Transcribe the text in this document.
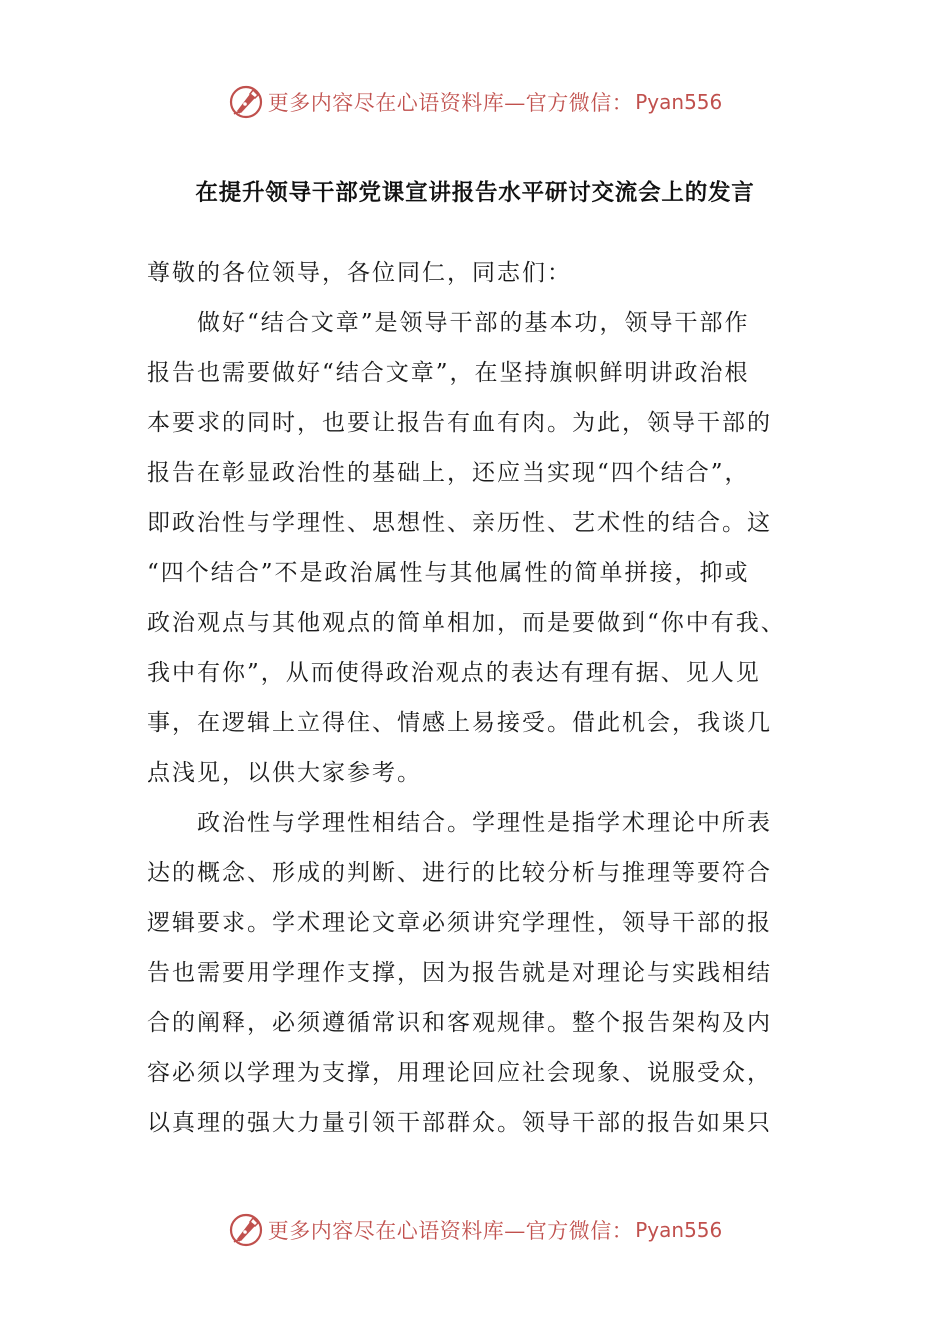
更多内容尽在心语资料库—官方微信： Pyan556
在提升领导干部党课宣讲报告水平研讨交流会上的发言
尊敬的各位领导，各位同仁，同志们：
做好“结合文章”是领导干部的基本功，领导干部作
报告也需要做好“结合文章”，在坚持旗帜鲜明讲政治根
本要求的同时，也要让报告有血有肉。为此，领导干部的
报告在彰显政治性的基础上，还应当实现“四个结合”，
即政治性与学理性、思想性、亲历性、艺术性的结合。这
“四个结合”不是政治属性与其他属性的简单拼接，抑或
政治观点与其他观点的简单相加，而是要做到“你中有我、
我中有你”，从而使得政治观点的表达有理有据、见人见
事，在逻辑上立得住、情感上易接受。借此机会，我谈几
点浅见，以供大家参考。
政治性与学理性相结合。学理性是指学术理论中所表
达的概念、形成的判断、进行的比较分析与推理等要符合
逻辑要求。学术理论文章必须讲究学理性，领导干部的报
告也需要用学理作支撑，因为报告就是对理论与实践相结
合的阐释，必须遵循常识和客观规律。整个报告架构及内
容必须以学理为支撑，用理论回应社会现象、说服受众，
以真理的强大力量引领干部群众。领导干部的报告如果只
更多内容尽在心语资料库—官方微信： Pyan556
